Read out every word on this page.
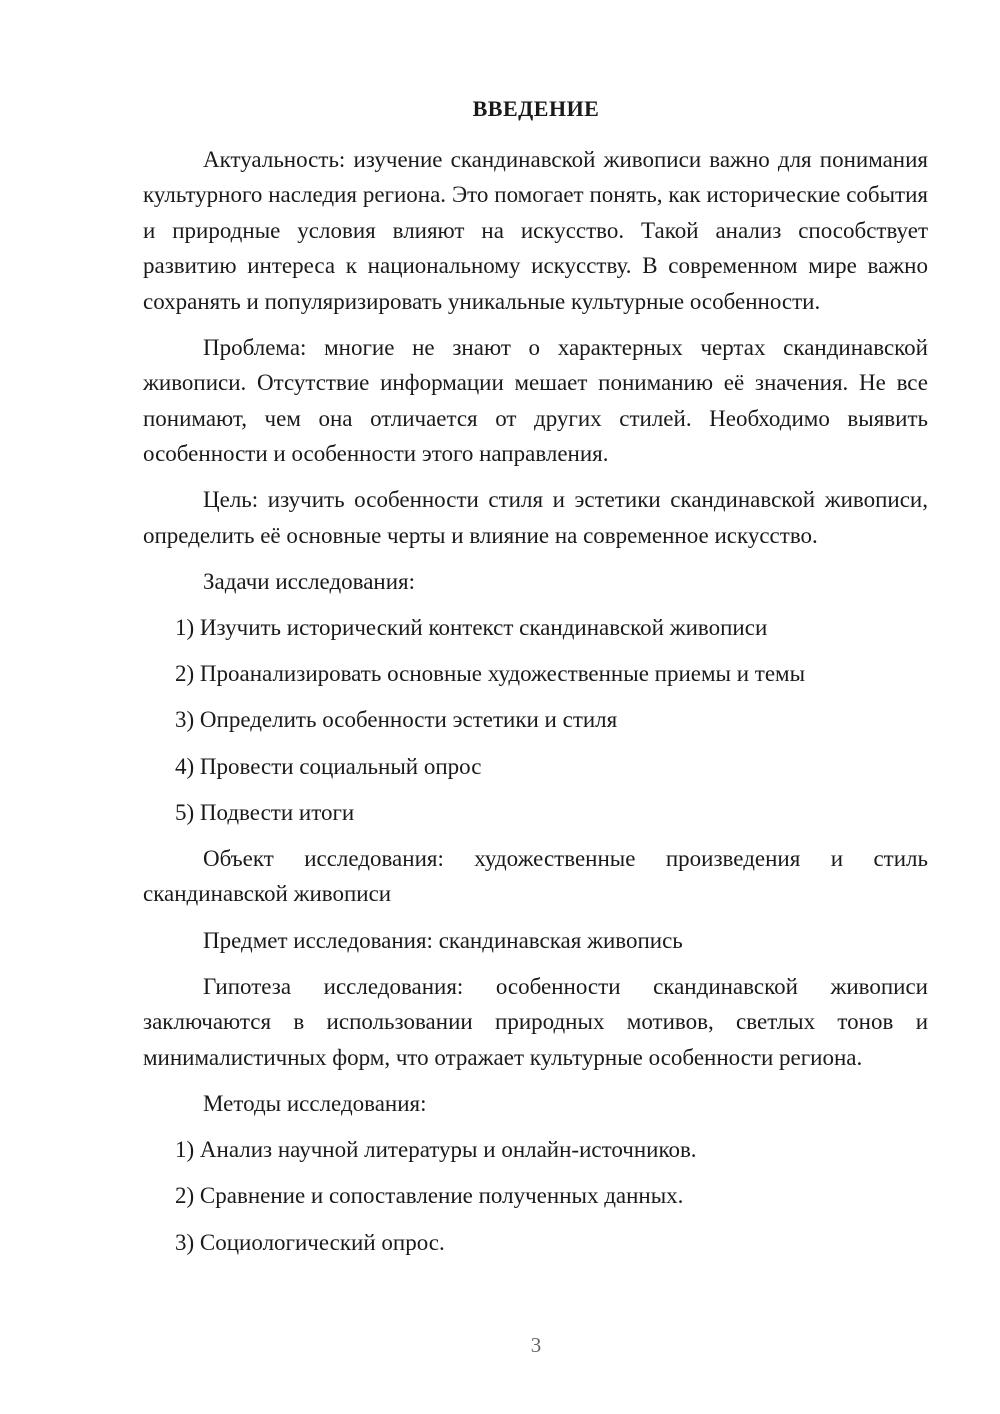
ВВЕДЕНИЕ

Актуальность: изучение скандинавской живописи важно для понимания культурного наследия региона. Это помогает понять, как исторические события и природные условия влияют на искусство. Такой анализ способствует развитию интереса к национальному искусству. В современном мире важно сохранять и популяризировать уникальные культурные особенности.

Проблема: многие не знают о характерных чертах скандинавской живописи. Отсутствие информации мешает пониманию её значения. Не все понимают, чем она отличается от других стилей. Необходимо выявить особенности и особенности этого направления.

Цель: изучить особенности стиля и эстетики скандинавской живописи, определить её основные черты и влияние на современное искусство.

Задачи исследования:

1) Изучить исторический контекст скандинавской живописи

2) Проанализировать основные художественные приемы и темы

3) Определить особенности эстетики и стиля

4) Провести социальный опрос

5) Подвести итоги

Объект исследования: художественные произведения и стиль скандинавской живописи

Предмет исследования: скандинавская живопись

Гипотеза исследования: особенности скандинавской живописи заключаются в использовании природных мотивов, светлых тонов и минималистичных форм, что отражает культурные особенности региона.

Методы исследования:

1) Анализ научной литературы и онлайн-источников.

2) Сравнение и сопоставление полученных данных.

3) Социологический опрос.

3
